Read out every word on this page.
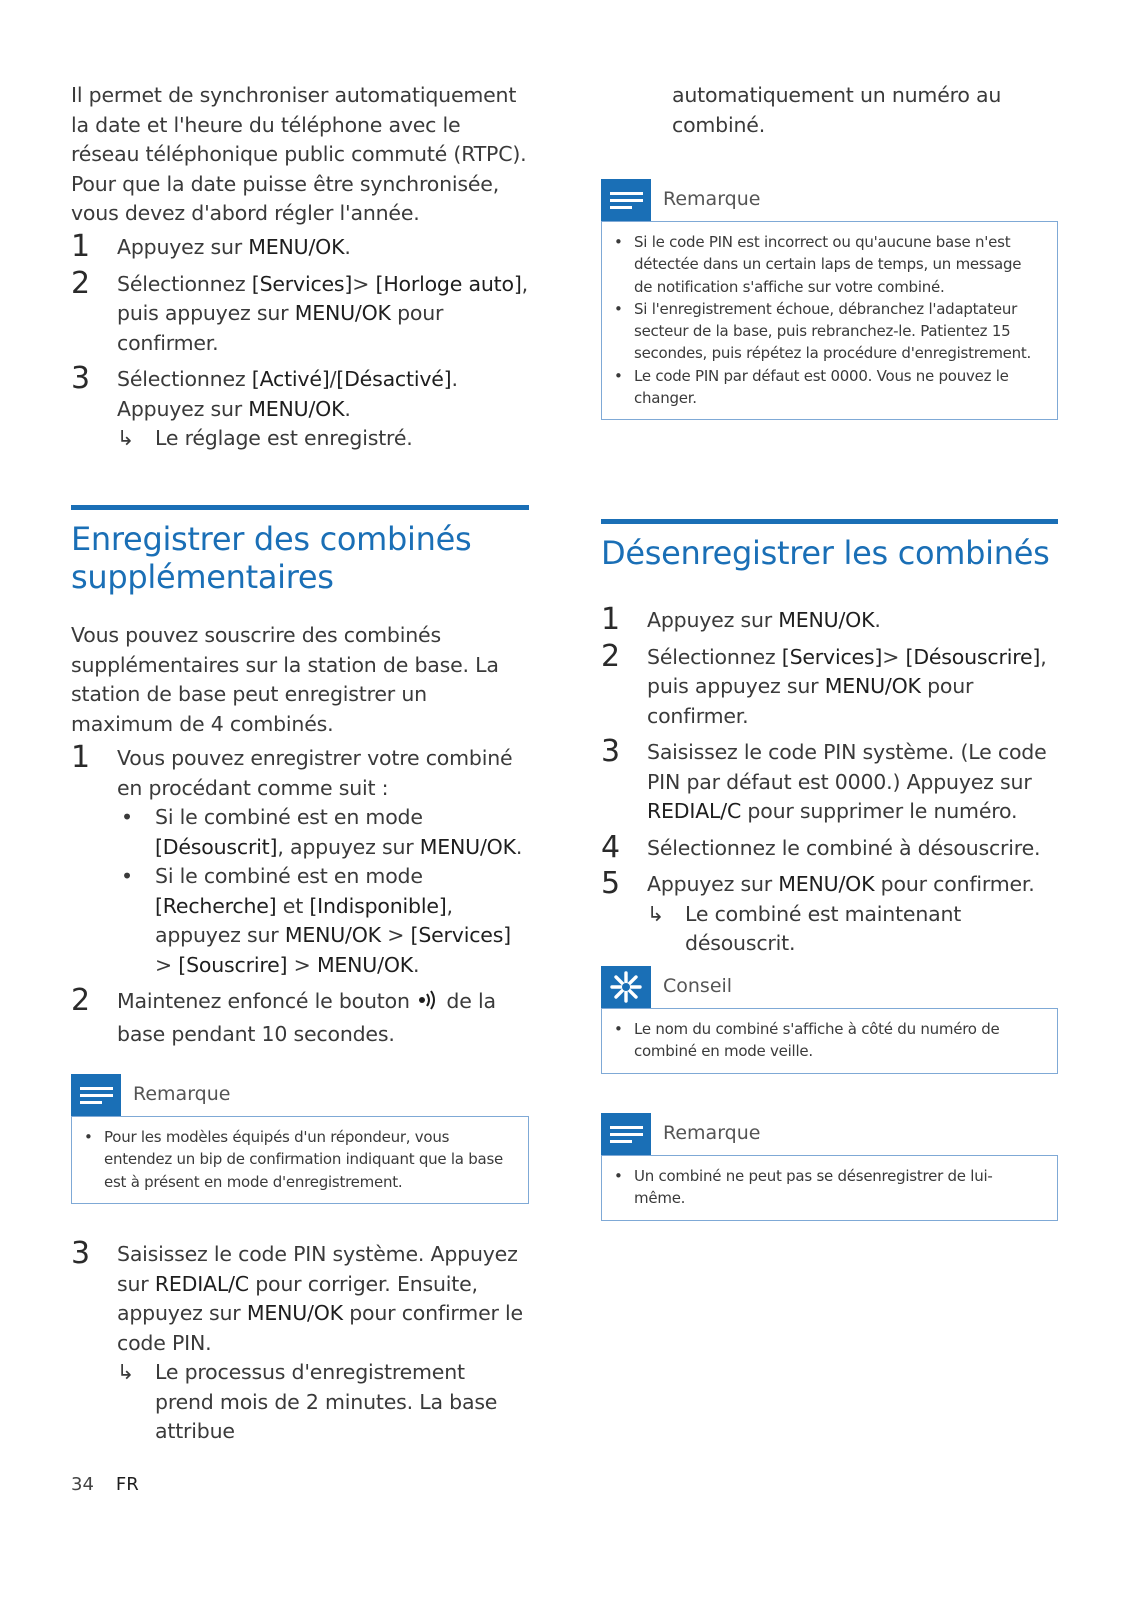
Il permet de synchroniser automatiquement la date et l'heure du téléphone avec le réseau téléphonique public commuté (RTPC). Pour que la date puisse être synchronisée, vous devez d'abord régler l'année.

1 Appuyez sur MENU/OK.
2 Sélectionnez [Services]> [Horloge auto], puis appuyez sur MENU/OK pour confirmer.
3 Sélectionnez [Activé]/[Désactivé]. Appuyez sur MENU/OK.
↳ Le réglage est enregistré.
Enregistrer des combinés supplémentaires

Vous pouvez souscrire des combinés supplémentaires sur la station de base. La station de base peut enregistrer un maximum de 4 combinés.

1 Vous pouvez enregistrer votre combiné en procédant comme suit :
• Si le combiné est en mode [Désouscrit], appuyez sur MENU/OK.
• Si le combiné est en mode [Recherche] et [Indisponible], appuyez sur MENU/OK > [Services] > [Souscrire] > MENU/OK.
2 Maintenez enfoncé le bouton  de la base pendant 10 secondes.
Remarque
• Pour les modèles équipés d'un répondeur, vous entendez un bip de confirmation indiquant que la base est à présent en mode d'enregistrement.
3 Saisissez le code PIN système. Appuyez sur REDIAL/C pour corriger. Ensuite, appuyez sur MENU/OK pour confirmer le code PIN.
↳ Le processus d'enregistrement prend mois de 2 minutes. La base attribue

automatiquement un numéro au combiné.

Remarque
• Si le code PIN est incorrect ou qu'aucune base n'est détectée dans un certain laps de temps, un message de notification s'affiche sur votre combiné.
• Si l'enregistrement échoue, débranchez l'adaptateur secteur de la base, puis rebranchez-le. Patientez 15 secondes, puis répétez la procédure d'enregistrement.
• Le code PIN par défaut est 0000. Vous ne pouvez le changer.
Désenregistrer les combinés
1 Appuyez sur MENU/OK.
2 Sélectionnez [Services]> [Désouscrire], puis appuyez sur MENU/OK pour confirmer.
3 Saisissez le code PIN système. (Le code PIN par défaut est 0000.) Appuyez sur REDIAL/C pour supprimer le numéro.
4 Sélectionnez le combiné à désouscrire.
5 Appuyez sur MENU/OK pour confirmer.
↳ Le combiné est maintenant désouscrit.
Conseil
• Le nom du combiné s'affiche à côté du numéro de combiné en mode veille.
Remarque
• Un combiné ne peut pas se désenregistrer de lui-même.
34 FR
